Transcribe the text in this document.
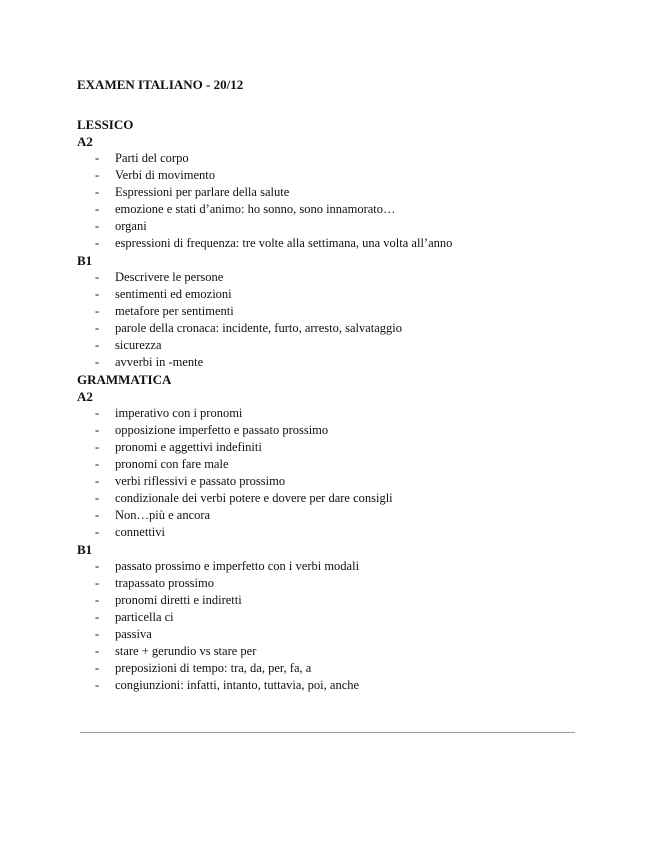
EXAMEN ITALIANO - 20/12

LESSICO

A2

- Parti del corpo
- Verbi di movimento
- Espressioni per parlare della salute
- emozione e stati d’animo: ho sonno, sono innamorato…
- organi
- espressioni di frequenza: tre volte alla settimana, una volta all’anno

B1

- Descrivere le persone
- sentimenti ed emozioni
- metafore per sentimenti
- parole della cronaca: incidente, furto, arresto, salvataggio
- sicurezza
- avverbi in -mente

GRAMMATICA

A2

- imperativo con i pronomi
- opposizione imperfetto e passato prossimo
- pronomi e aggettivi indefiniti
- pronomi con fare male
- verbi riflessivi e passato prossimo
- condizionale dei verbi potere e dovere per dare consigli
- Non…più e ancora
- connettivi

B1

- passato prossimo e imperfetto con i verbi modali
- trapassato prossimo
- pronomi diretti e indiretti
- particella ci
- passiva
- stare + gerundio vs stare per
- preposizioni di tempo: tra, da, per, fa, a
- congiunzioni: infatti, intanto, tuttavia, poi, anche
